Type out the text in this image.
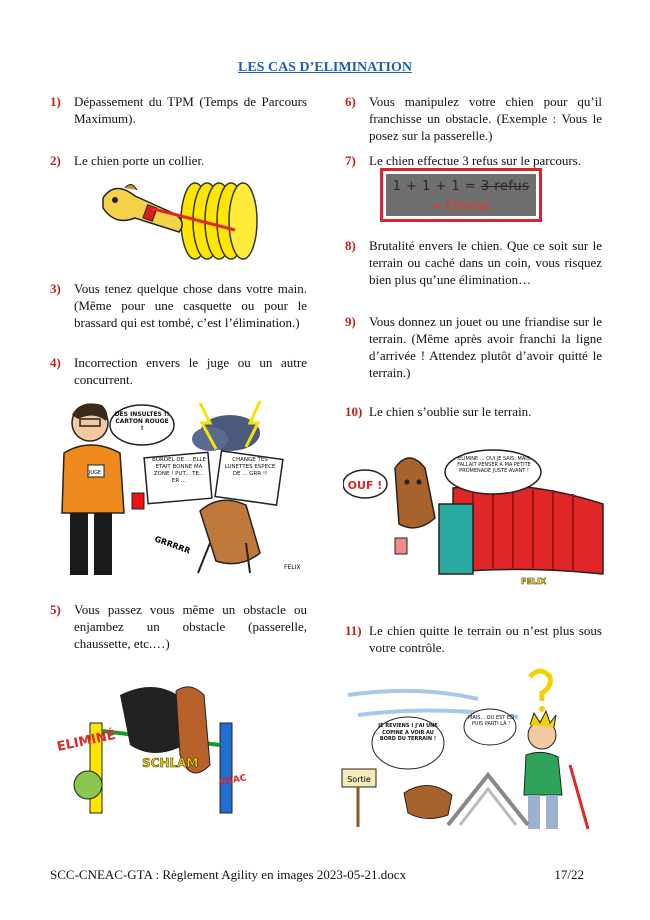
LES CAS D’ELIMINATION
1)	Dépassement du TPM (Temps de Parcours Maximum).
2)	Le chien porte un collier.
3)	Vous tenez quelque chose dans votre main. (Même pour une casquette ou pour le brassard qui est tombé, c’est l’élimination.)
4)	Incorrection envers le juge ou un autre concurrent.
5)	Vous passez vous même un obstacle ou enjambez un obstacle (passerelle, chaussette, etc.…)
6)	Vous manipulez votre chien pour qu’il franchisse un obstacle. (Exemple : Vous le posez sur la passerelle.)
7)	Le chien effectue 3 refus sur le parcours.
8)	Brutalité envers le chien. Que ce soit sur le terrain ou caché dans un coin, vous risquez bien plus qu’une élimination…
9)	Vous donnez un jouet ou une friandise sur le terrain. (Même après avoir franchi la ligne d’arrivée ! Attendez plutôt d’avoir quitté le terrain.)
10) Le chien s’oublie sur le terrain.
11) Le chien quitte le terrain ou n’est plus sous votre contrôle.
1 + 1 + 1 = 3 refus
= Eliminé
JUGE
DES INSULTES !! CARTON ROUGE !
BORDEL DE ... ELLE ETAIT BONNE MA ZONE ! PUT... TE... ER ...
CHANGE TES LUNETTES ESPECE DE ... GRR !!
GRRRRR
FELIX
OUF !
ELIMINÉ ... OUI JE SAIS, MAIS FALLAIT PENSER A MA PETITE PROMENADE JUSTE AVANT !
FELIX
ELIMINÉ
SCHLAM
CRAC
MAIS... OU EST ED PUIS PARTI LÀ !
JE REVIENS ! J'AI UNE COPINE A VOIR AU BORD DU TERRAIN !
Sortie
SCC-CNEAC-GTA : Règlement Agility en images 2023-05-21.docx	17/22
